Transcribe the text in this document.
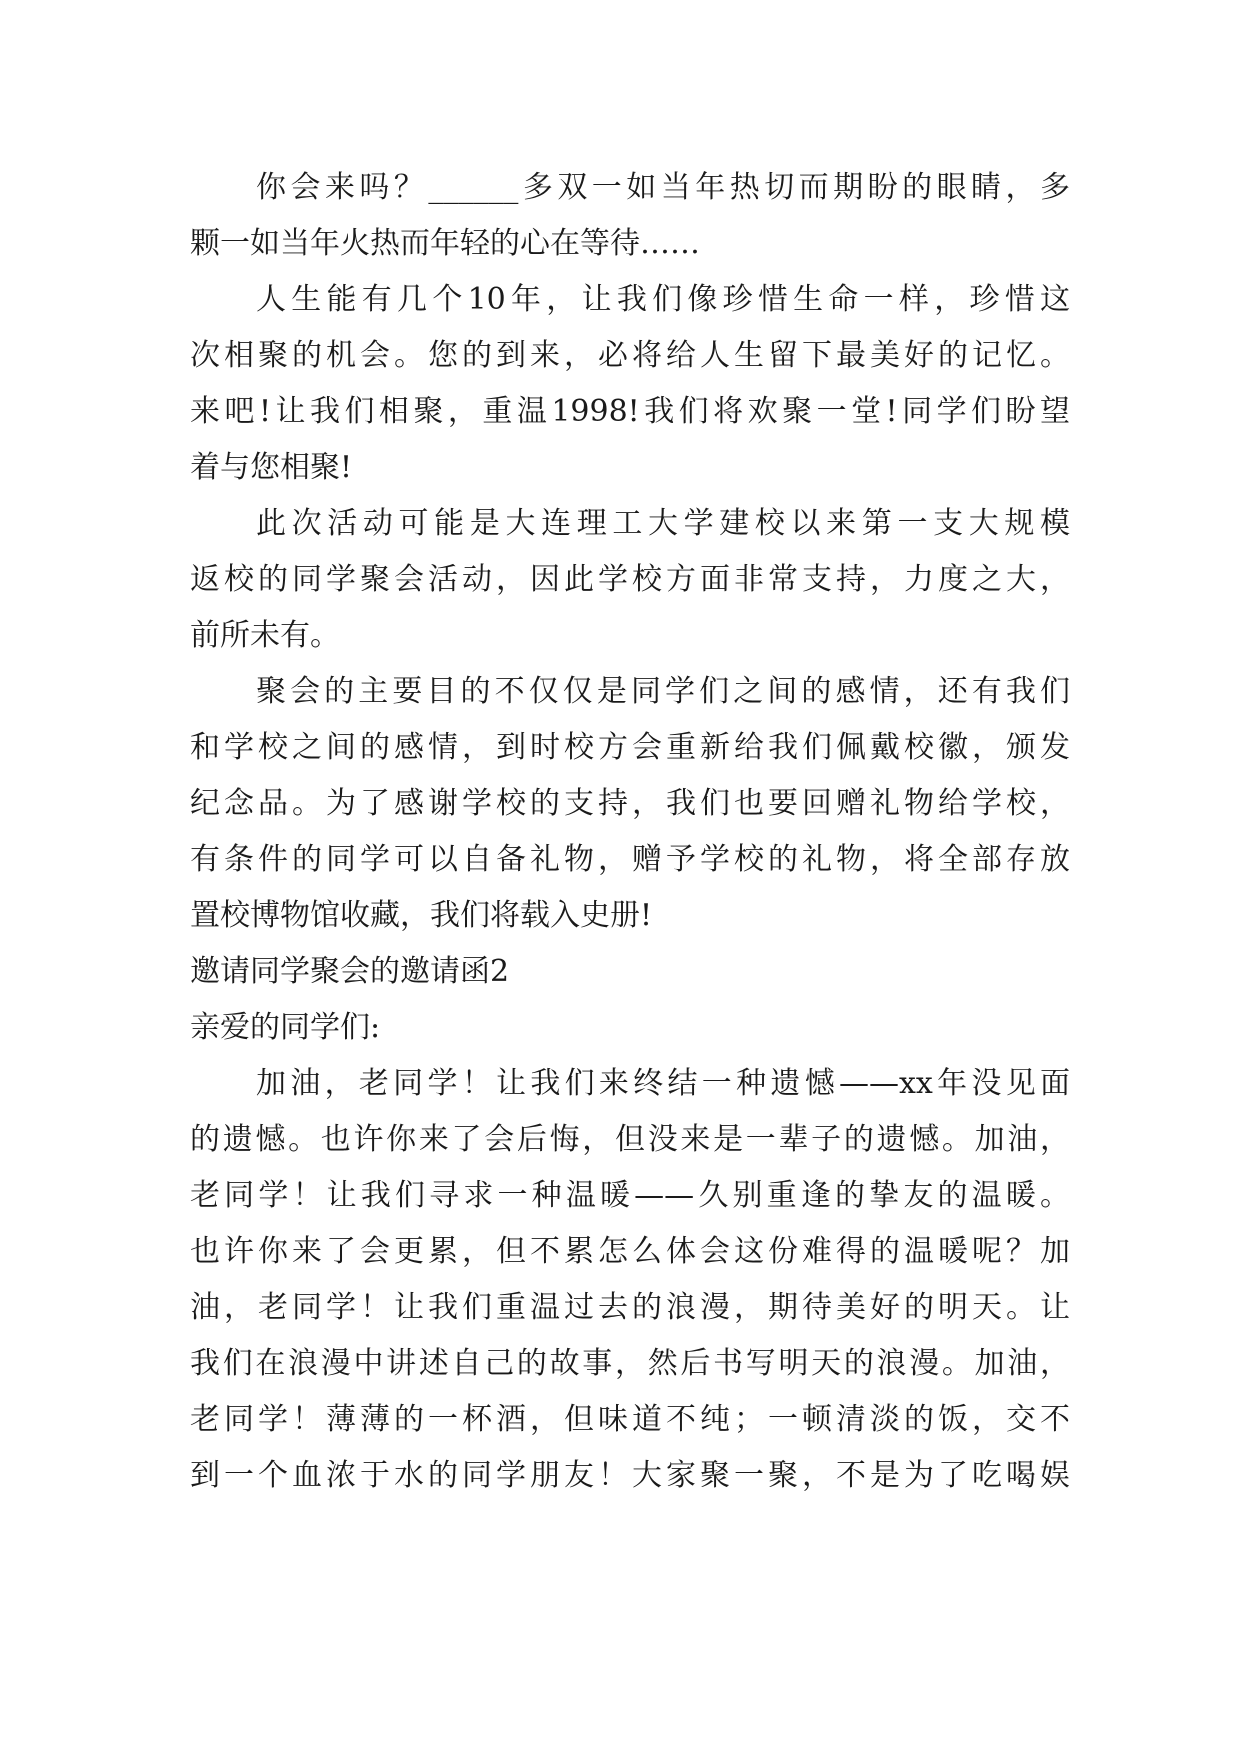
你会来吗？______多双一如当年热切而期盼的眼睛，多
颗一如当年火热而年轻的心在等待……
人生能有几个10年，让我们像珍惜生命一样，珍惜这
次相聚的机会。您的到来，必将给人生留下最美好的记忆。
来吧!让我们相聚，重温1998!我们将欢聚一堂!同学们盼望
着与您相聚!
此次活动可能是大连理工大学建校以来第一支大规模
返校的同学聚会活动，因此学校方面非常支持，力度之大，
前所未有。
聚会的主要目的不仅仅是同学们之间的感情，还有我们
和学校之间的感情，到时校方会重新给我们佩戴校徽，颁发
纪念品。为了感谢学校的支持，我们也要回赠礼物给学校，
有条件的同学可以自备礼物，赠予学校的礼物，将全部存放
置校博物馆收藏，我们将载入史册!
邀请同学聚会的邀请函2
亲爱的同学们:
加油，老同学！让我们来终结一种遗憾——xx年没见面
的遗憾。也许你来了会后悔，但没来是一辈子的遗憾。加油，
老同学！让我们寻求一种温暖——久别重逢的挚友的温暖。
也许你来了会更累，但不累怎么体会这份难得的温暖呢？加
油，老同学！让我们重温过去的浪漫，期待美好的明天。让
我们在浪漫中讲述自己的故事，然后书写明天的浪漫。加油，
老同学！薄薄的一杯酒，但味道不纯；一顿清淡的饭，交不
到一个血浓于水的同学朋友！大家聚一聚，不是为了吃喝娱
